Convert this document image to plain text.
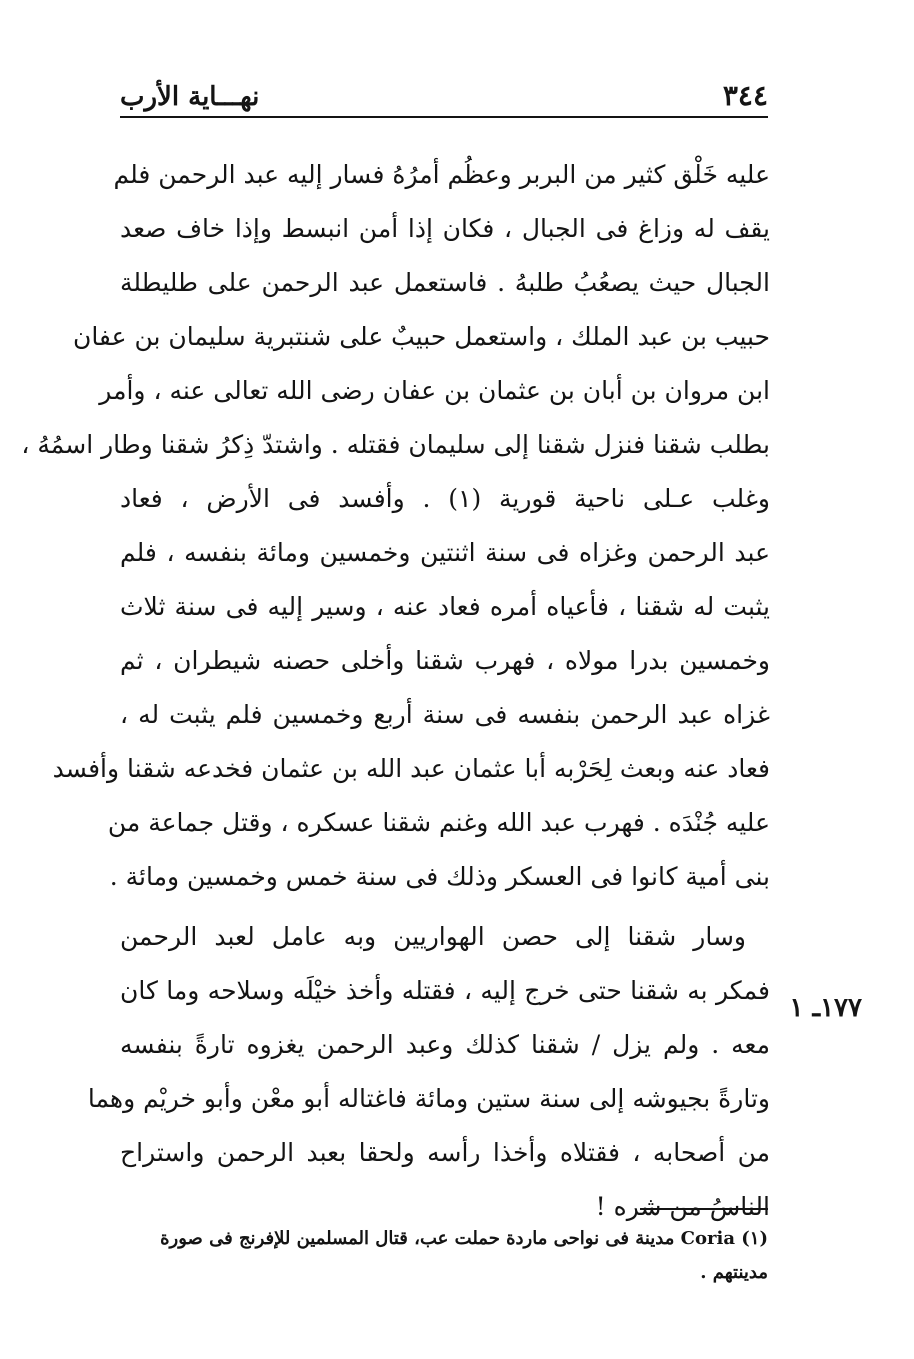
٣٤٤
نهـــاية الأرب
عليه خَلْق كثير من البربر وعظُم أمرُهُ فسار إليه عبد الرحمن فلم
يقف له وزاغ فى الجبال ، فكان إذا أمن انبسط وإذا خاف صعد
الجبال حيث يصعُبُ طلبهُ . فاستعمل عبد الرحمن على طليطلة
حبيب بن عبد الملك ، واستعمل حبيبٌ على شنتبرية سليمان بن عفان
ابن مروان بن أبان بن عثمان بن عفان رضى الله تعالى عنه ، وأمر
بطلب شقنا فنزل شقنا إلى سليمان فقتله . واشتدّ ذِكرُ شقنا وطار اسمُهُ ،
وغلب عـلى ناحية قورية (١) . وأفسد فى الأرض ، فعاد
عبد الرحمن وغزاه فى سنة اثنتين وخمسين ومائة بنفسه ، فلم
يثبت له شقنا ، فأعياه أمره فعاد عنه ، وسير إليه فى سنة ثلاث
وخمسين بدرا مولاه ، فهرب شقنا وأخلى حصنه شيطران ، ثم
غزاه عبد الرحمن بنفسه فى سنة أربع وخمسين فلم يثبت له ،
فعاد عنه وبعث لِحَرْبه أبا عثمان عبد الله بن عثمان فخدعه شقنا وأفسد
عليه جُنْدَه . فهرب عبد الله وغنم شقنا عسكره ، وقتل جماعة من
بنى أمية كانوا فى العسكر وذلك فى سنة خمس وخمسين ومائة .
وسار شقنا إلى حصن الهواريين وبه عامل لعبد الرحمن
فمكر به شقنا حتى خرج إليه ، فقتله وأخذ خيْلَه وسلاحه وما كان
معه . ولم يزل / شقنا كذلك وعبد الرحمن يغزوه تارةً بنفسه
وتارةً بجيوشه إلى سنة ستين ومائة فاغتاله أبو معْن وأبو خريْم وهما
من أصحابه ، فقتلاه وأخذا رأسه ولحقا بعبد الرحمن واستراح
الناسُ من شره !
١٧٧ـ ١
(١) Coria مدينة فى نواحى ماردة حملت عب، قتال المسلمين للإفرنج فى صورة
مدينتهم .
